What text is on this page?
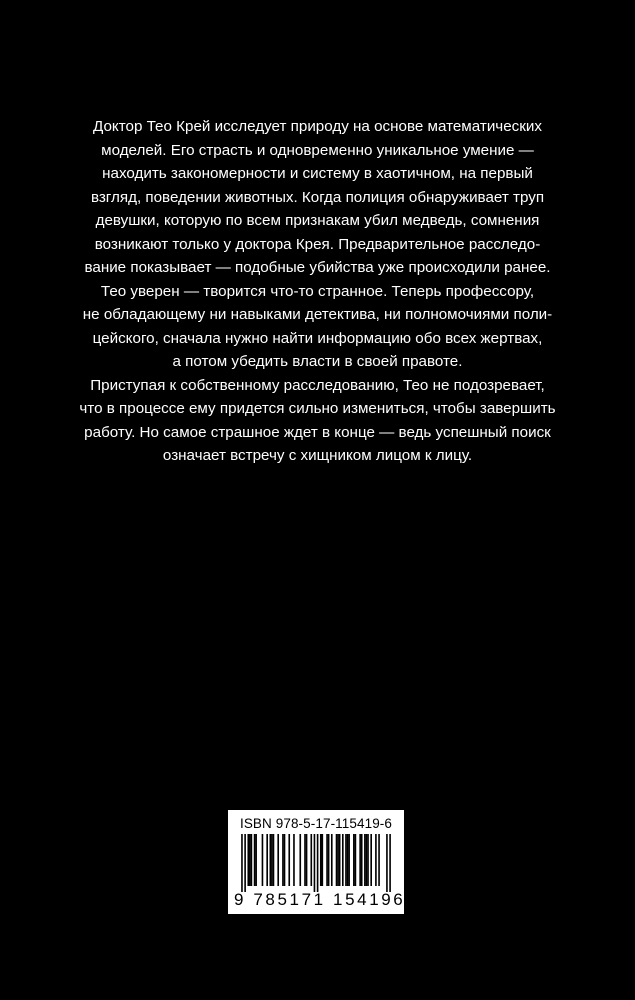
Доктор Тео Крей исследует природу на основе математических
моделей. Его страсть и одновременно уникальное умение —
находить закономерности и систему в хаотичном, на первый
взгляд, поведении животных. Когда полиция обнаруживает труп
девушки, которую по всем признакам убил медведь, сомнения
возникают только у доктора Крея. Предварительное расследо-
вание показывает — подобные убийства уже происходили ранее.
Тео уверен — творится что-то странное. Теперь профессору,
не обладающему ни навыками детектива, ни полномочиями поли-
цейского, сначала нужно найти информацию обо всех жертвах,
а потом убедить власти в своей правоте.
Приступая к собственному расследованию, Тео не подозревает,
что в процессе ему придется сильно измениться, чтобы завершить
работу. Но самое страшное ждет в конце — ведь успешный поиск
означает встречу с хищником лицом к лицу.
ISBN 978-5-17-115419-6
9 785171 154196
